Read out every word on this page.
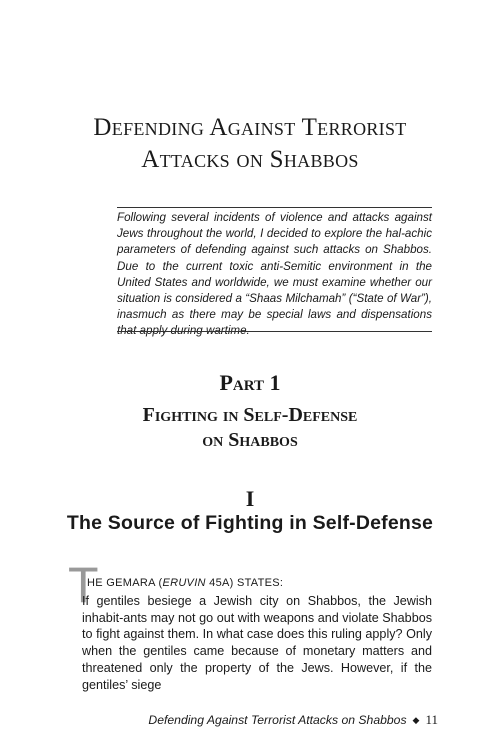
Defending Against Terrorist
Attacks on Shabbos

Following several incidents of violence and attacks against Jews throughout the world, I decided to explore the hal-achic parameters of defending against such attacks on Shabbos. Due to the current toxic anti-Semitic environment in the United States and worldwide, we must examine whether our situation is considered a “Shaas Milchamah” (“State of War”), inasmuch as there may be special laws and dispensations that apply during wartime.

Part 1
Fighting in Self-Defense
on Shabbos
I
The Source of Fighting in Self-Defense
T
HE GEMARA (ERUVIN 45A) STATES:

If gentiles besiege a Jewish city on Shabbos, the Jewish inhabit-ants may not go out with weapons and violate Shabbos to fight against them. In what case does this ruling apply? Only when the gentiles came because of monetary matters and threatened only the property of the Jews. However, if the gentiles’ siege

Defending Against Terrorist Attacks on Shabbos ◆ 11
